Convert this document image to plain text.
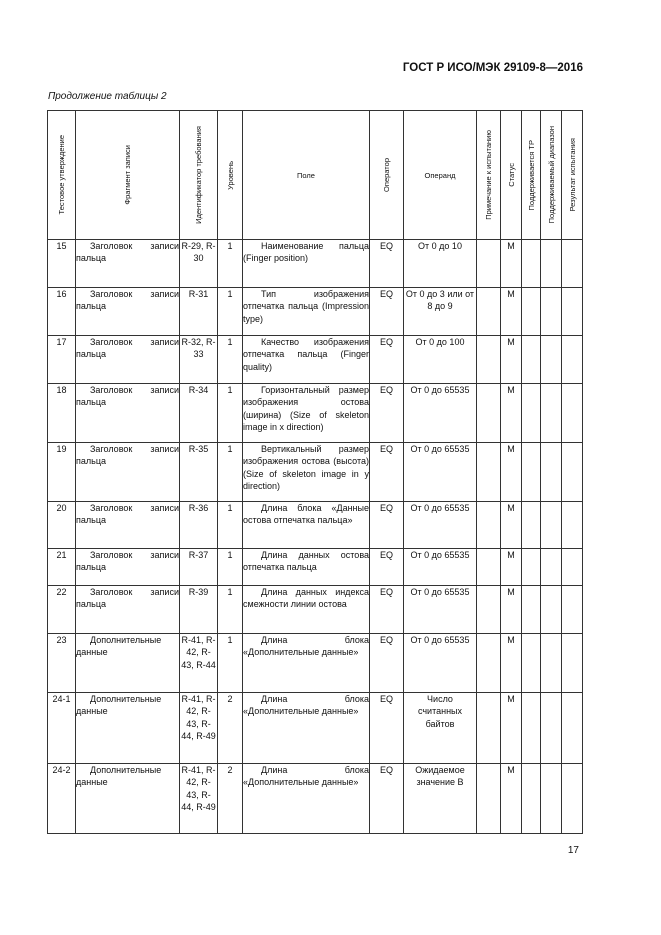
ГОСТ Р ИСО/МЭК 29109-8—2016
Продолжение таблицы 2
Тестовое утверждение	Фрагмент записи	Идентификатор требования	Уровень	Поле	Оператор	Операнд	Примечание к испытанию	Статус	Поддерживается ТР	Поддерживаемый диапазон	Результат испытания

15	Заголовок записи пальца	R-29, R-30	1	Наименование пальца (Finger position)	EQ	От 0 до 10		M			
16	Заголовок записи пальца	R-31	1	Тип изображения отпечатка пальца (Impression type)	EQ	От 0 до 3 или от 8 до 9		M			
17	Заголовок записи пальца	R-32, R-33	1	Качество изображения отпечатка пальца (Finger quality)	EQ	От 0 до 100		M			
18	Заголовок записи пальца	R-34	1	Горизонтальный размер изображения остова (ширина) (Size of skeleton image in x direction)	EQ	От 0 до 65535		M			
19	Заголовок записи пальца	R-35	1	Вертикальный размер изображения остова (высота) (Size of skeleton image in y direction)	EQ	От 0 до 65535		M			
20	Заголовок записи пальца	R-36	1	Длина блока «Данные остова отпечатка пальца»	EQ	От 0 до 65535		M			
21	Заголовок записи пальца	R-37	1	Длина данных остова отпечатка пальца	EQ	От 0 до 65535		M			
22	Заголовок записи пальца	R-39	1	Длина данных индекса смежности линии остова	EQ	От 0 до 65535		M			
23	Дополнительные данные	R-41, R-42, R-43, R-44	1	Длина блока «Дополнительные данные»	EQ	От 0 до 65535		M			
24-1	Дополнительные данные	R-41, R-42, R-43, R-44, R-49	2	Длина блока «Дополнительные данные»	EQ	Число считанных байтов		M			
24-2	Дополнительные данные	R-41, R-42, R-43, R-44, R-49	2	Длина блока «Дополнительные данные»	EQ	Ожидаемое значение В		M			
17
